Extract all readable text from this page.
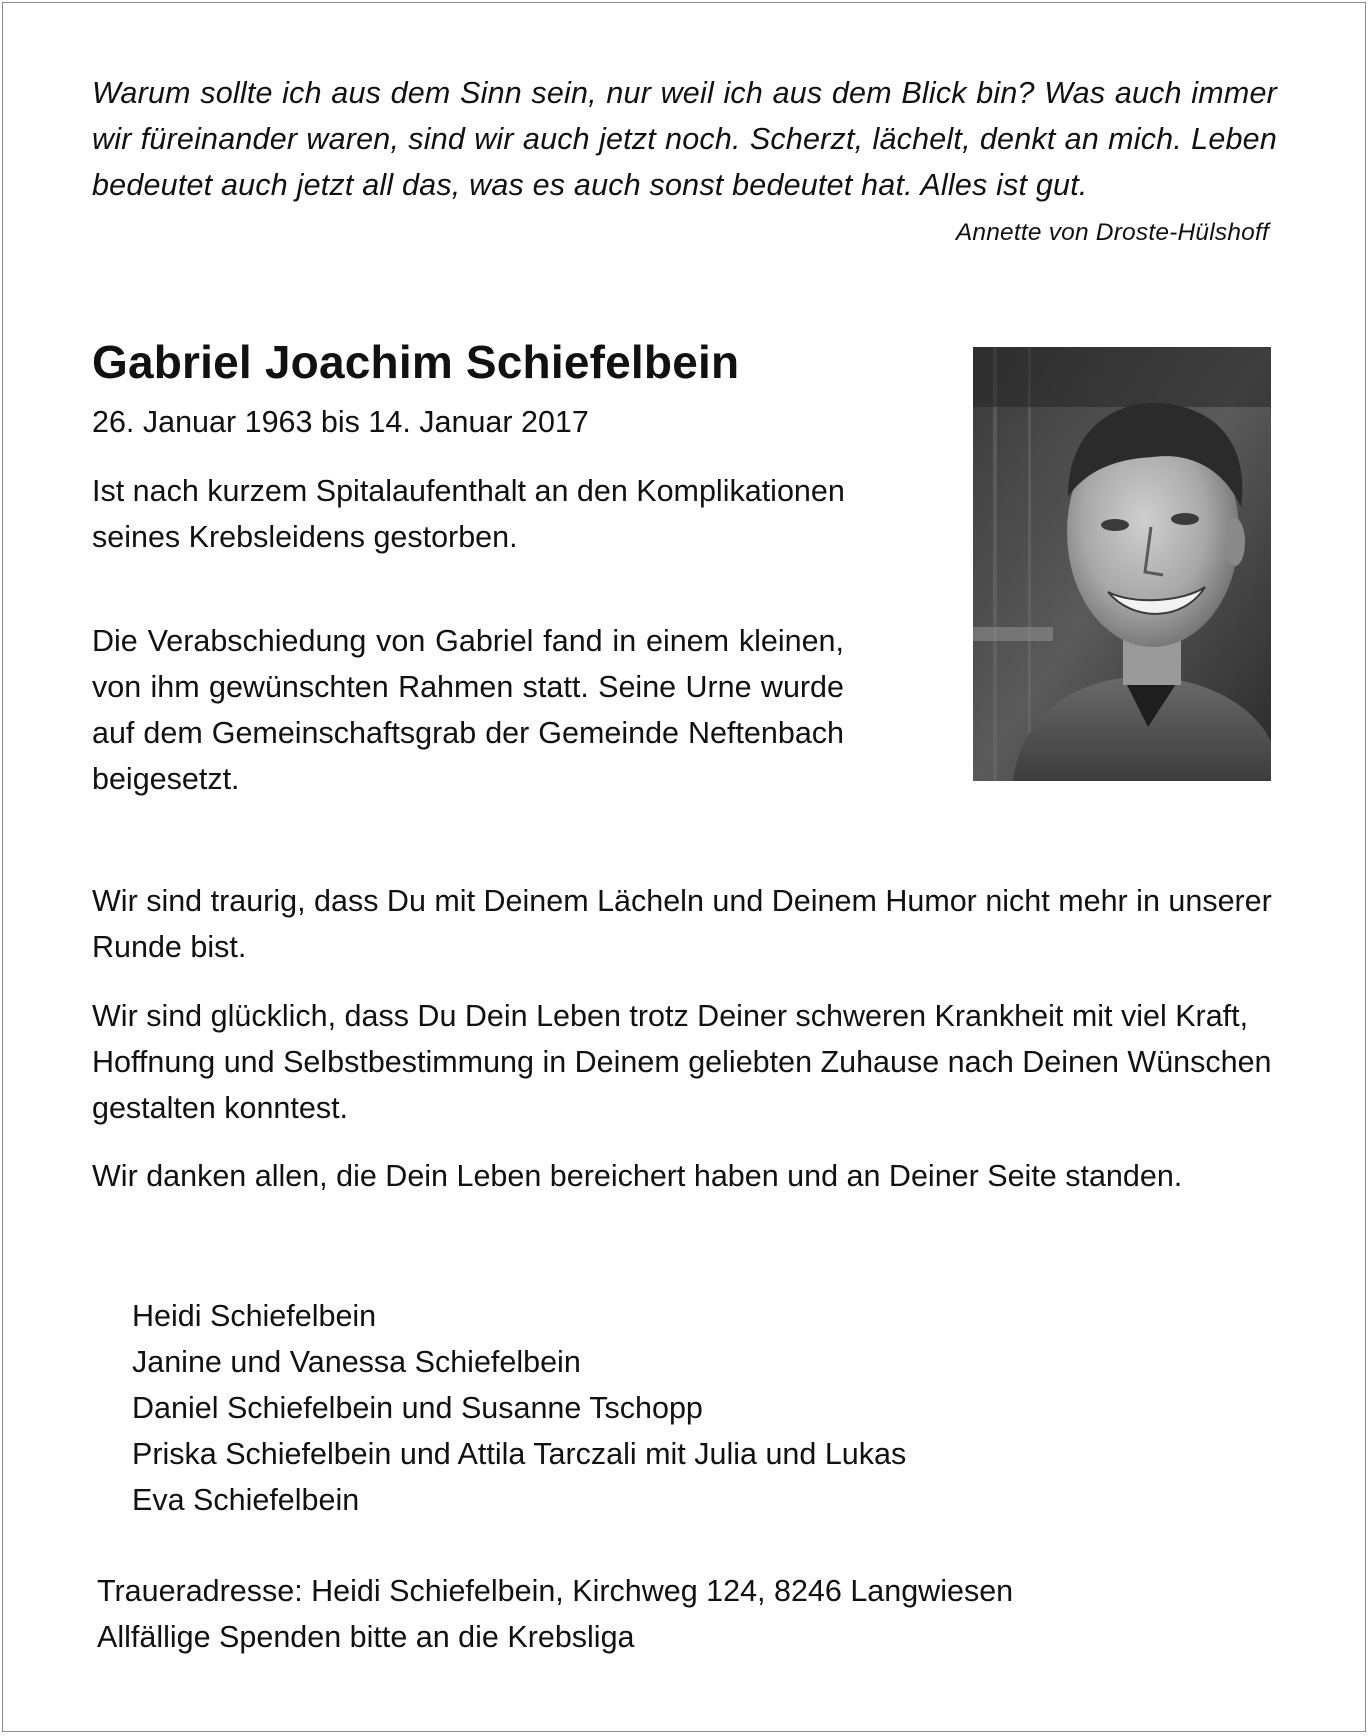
Warum sollte ich aus dem Sinn sein, nur weil ich aus dem Blick bin? Was auch immer wir füreinander waren, sind wir auch jetzt noch. Scherzt, lächelt, denkt an mich. Leben bedeutet auch jetzt all das, was es auch sonst bedeutet hat. Alles ist gut.
Annette von Droste-Hülshoff
Gabriel Joachim Schiefelbein
26. Januar 1963 bis 14. Januar 2017
Ist nach kurzem Spitalaufenthalt an den Komplikationen seines Krebsleidens gestorben.
Die Verabschiedung von Gabriel fand in einem kleinen, von ihm gewünschten Rahmen statt. Seine Urne wurde auf dem Gemeinschaftsgrab der Gemeinde Neftenbach beigesetzt.
Wir sind traurig, dass Du mit Deinem Lächeln und Deinem Humor nicht mehr in unserer Runde bist.
Wir sind glücklich, dass Du Dein Leben trotz Deiner schweren Krankheit mit viel Kraft, Hoffnung und Selbstbestimmung in Deinem geliebten Zuhause nach Deinen Wünschen gestalten konntest.
Wir danken allen, die Dein Leben bereichert haben und an Deiner Seite standen.
Heidi Schiefelbein
Janine und Vanessa Schiefelbein
Daniel Schiefelbein und Susanne Tschopp
Priska Schiefelbein und Attila Tarczali mit Julia und Lukas
Eva Schiefelbein
Traueradresse: Heidi Schiefelbein, Kirchweg 124, 8246 Langwiesen
Allfällige Spenden bitte an die Krebsliga
